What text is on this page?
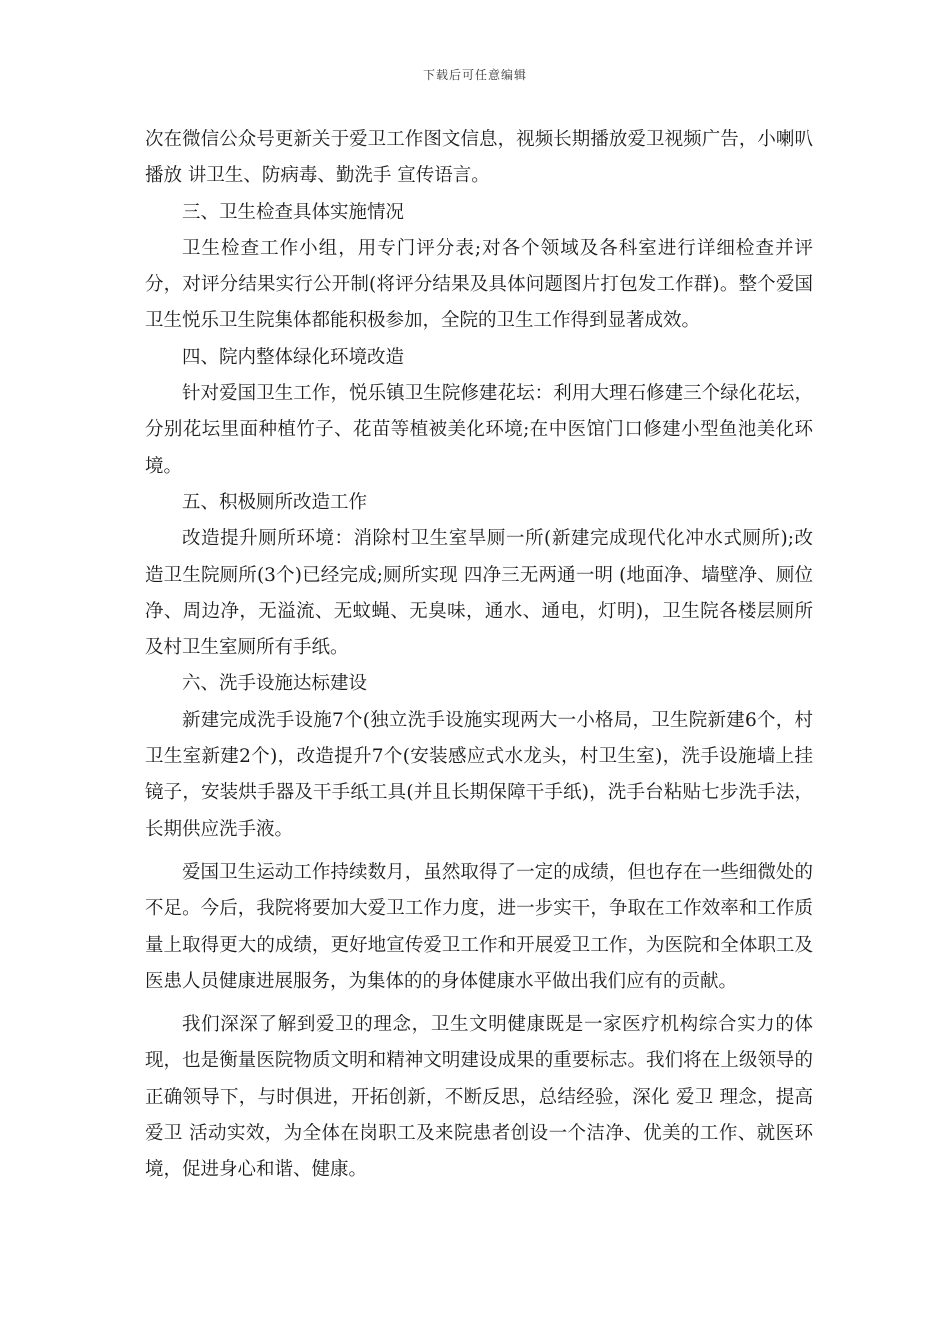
下载后可任意编辑

次在微信公众号更新关于爱卫工作图文信息，视频长期播放爱卫视频广告，小喇叭播放 讲卫生、防病毒、勤洗手 宣传语言。

三、卫生检查具体实施情况

卫生检查工作小组，用专门评分表;对各个领域及各科室进行详细检查并评分，对评分结果实行公开制(将评分结果及具体问题图片打包发工作群)。整个爱国卫生悦乐卫生院集体都能积极参加，全院的卫生工作得到显著成效。

四、院内整体绿化环境改造

针对爱国卫生工作，悦乐镇卫生院修建花坛：利用大理石修建三个绿化花坛，分别花坛里面种植竹子、花苗等植被美化环境;在中医馆门口修建小型鱼池美化环境。

五、积极厕所改造工作

改造提升厕所环境：消除村卫生室旱厕一所(新建完成现代化冲水式厕所);改造卫生院厕所(3个)已经完成;厕所实现 四净三无两通一明 (地面净、墙壁净、厕位净、周边净，无溢流、无蚊蝇、无臭味，通水、通电，灯明)，卫生院各楼层厕所及村卫生室厕所有手纸。

六、洗手设施达标建设

新建完成洗手设施7个(独立洗手设施实现两大一小格局，卫生院新建6个，村卫生室新建2个)，改造提升7个(安装感应式水龙头，村卫生室)，洗手设施墙上挂镜子，安装烘手器及干手纸工具(并且长期保障干手纸)，洗手台粘贴七步洗手法，长期供应洗手液。

爱国卫生运动工作持续数月，虽然取得了一定的成绩，但也存在一些细微处的不足。今后，我院将要加大爱卫工作力度，进一步实干，争取在工作效率和工作质量上取得更大的成绩，更好地宣传爱卫工作和开展爱卫工作，为医院和全体职工及医患人员健康进展服务，为集体的的身体健康水平做出我们应有的贡献。

我们深深了解到爱卫的理念，卫生文明健康既是一家医疗机构综合实力的体现，也是衡量医院物质文明和精神文明建设成果的重要标志。我们将在上级领导的正确领导下，与时俱进，开拓创新，不断反思，总结经验，深化 爱卫 理念，提高 爱卫 活动实效，为全体在岗职工及来院患者创设一个洁净、优美的工作、就医环境，促进身心和谐、健康。
